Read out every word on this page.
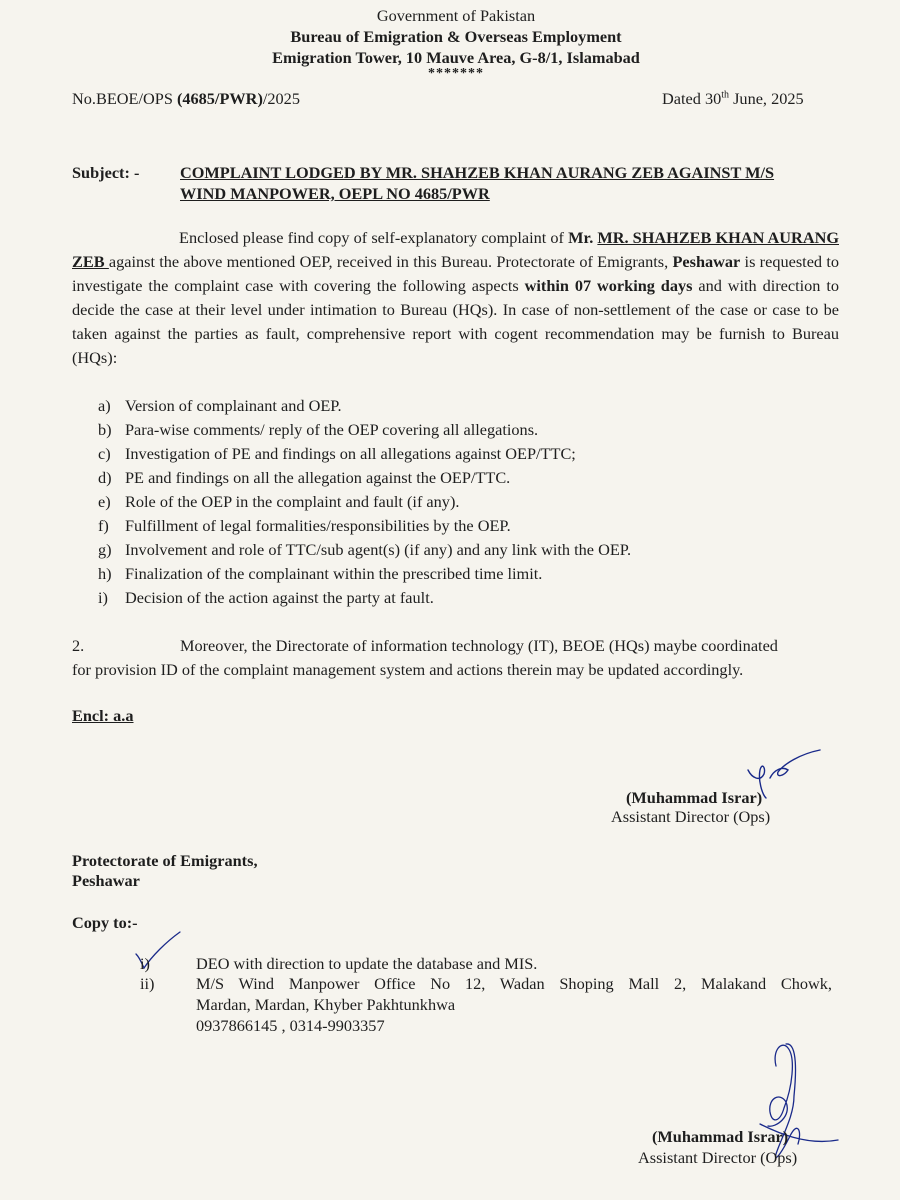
Government of Pakistan
Bureau of Emigration & Overseas Employment
Emigration Tower, 10 Mauve Area, G-8/1, Islamabad
*******
No.BEOE/OPS (4685/PWR)/2025	Dated 30th June, 2025
Subject: - COMPLAINT LODGED BY MR. SHAHZEB KHAN AURANG ZEB AGAINST M/S
WIND MANPOWER, OEPL NO 4685/PWR
Enclosed please find copy of self-explanatory complaint of Mr. MR. SHAHZEB KHAN AURANG ZEB against the above mentioned OEP, received in this Bureau. Protectorate of Emigrants, Peshawar is requested to investigate the complaint case with covering the following aspects within 07 working days and with direction to decide the case at their level under intimation to Bureau (HQs). In case of non-settlement of the case or case to be taken against the parties as fault, comprehensive report with cogent recommendation may be furnish to Bureau (HQs):
a) Version of complainant and OEP.
b) Para-wise comments/ reply of the OEP covering all allegations.
c) Investigation of PE and findings on all allegations against OEP/TTC;
d) PE and findings on all the allegation against the OEP/TTC.
e) Role of the OEP in the complaint and fault (if any).
f) Fulfillment of legal formalities/responsibilities by the OEP.
g) Involvement and role of TTC/sub agent(s) (if any) and any link with the OEP.
h) Finalization of the complainant within the prescribed time limit.
i) Decision of the action against the party at fault.
2.	Moreover, the Directorate of information technology (IT), BEOE (HQs) maybe coordinated
for provision ID of the complaint management system and actions therein may be updated accordingly.
Encl: a.a
(Muhammad Israr)
Assistant Director (Ops)
Protectorate of Emigrants,
Peshawar
Copy to:-
i)	DEO with direction to update the database and MIS.
ii)	M/S Wind Manpower Office No 12, Wadan Shoping Mall 2, Malakand Chowk,
Mardan, Mardan, Khyber Pakhtunkhwa
0937866145 , 0314-9903357
(Muhammad Israr)
Assistant Director (Ops)
